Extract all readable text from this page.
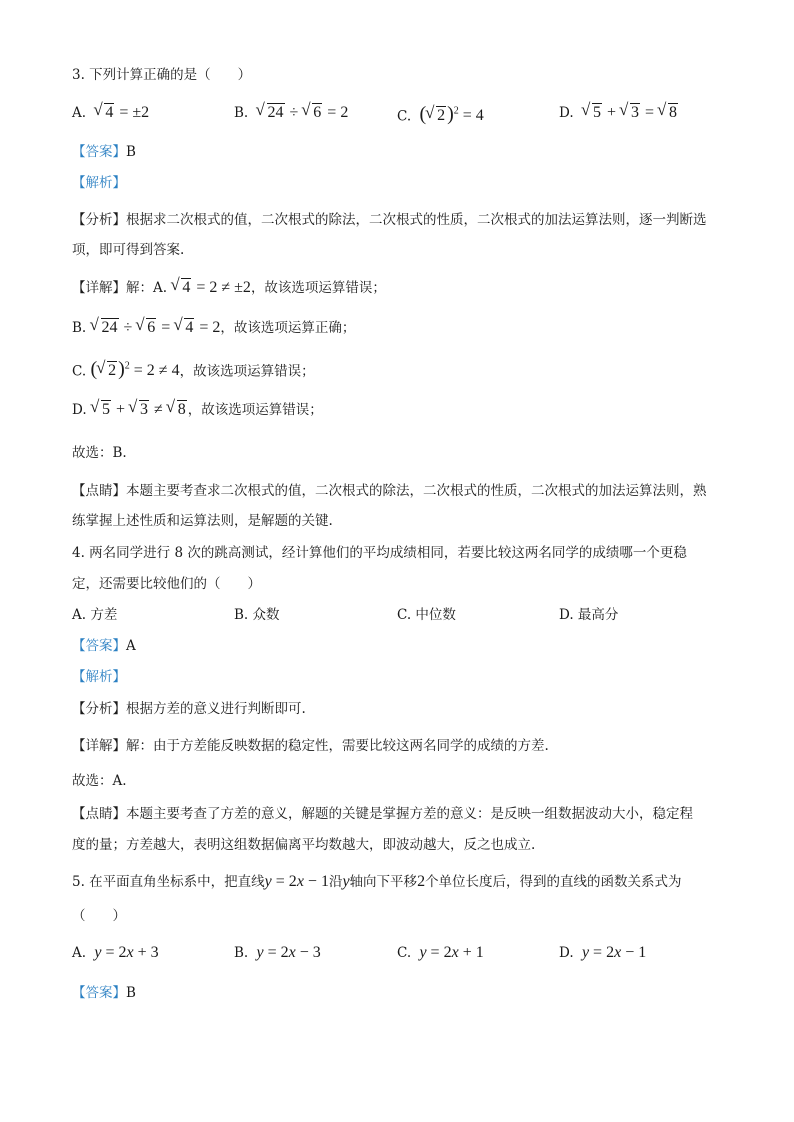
3. 下列计算正确的是（　　）
A. √ 4 = ±2	B. √ 24 ÷ √ 6 = 2	C. ( √ 2 )$^2$ = 4	D. √ 5 + √ 3 = √ 8
【答案】B
【解析】
【分析】根据求二次根式的值，二次根式的除法，二次根式的性质，二次根式的加法运算法则，逐一判断选
项，即可得到答案.
【详解】解：A. √ 4 = 2 ≠ ±2，故该选项运算错误；
B. √ 24 ÷ √ 6 = √ 4 = 2，故该选项运算正确；
C. ( √ 2 )$^2$ = 2 ≠ 4，故该选项运算错误；
D. √ 5 + √ 3 ≠ √ 8 ，故该选项运算错误；
故选：B.
【点睛】本题主要考查求二次根式的值，二次根式的除法，二次根式的性质，二次根式的加法运算法则，熟
练掌握上述性质和运算法则，是解题的关键.
4. 两名同学进行 8 次的跳高测试，经计算他们的平均成绩相同，若要比较这两名同学的成绩哪一个更稳
定，还需要比较他们的（　　）
A. 方差	B. 众数	C. 中位数	D. 最高分
【答案】A
【解析】
【分析】根据方差的意义进行判断即可.
【详解】解：由于方差能反映数据的稳定性，需要比较这两名同学的成绩的方差.
故选：A.
【点睛】本题主要考查了方差的意义，解题的关键是掌握方差的意义：是反映一组数据波动大小，稳定程
度的量；方差越大，表明这组数据偏离平均数越大，即波动越大，反之也成立.
5. 在平面直角坐标系中，把直线y = 2x − 1沿y轴向下平移2个单位长度后，得到的直线的函数关系式为
（　　）
A. y = 2x + 3	B. y = 2x − 3	C. y = 2x + 1	D. y = 2x − 1
【答案】B
